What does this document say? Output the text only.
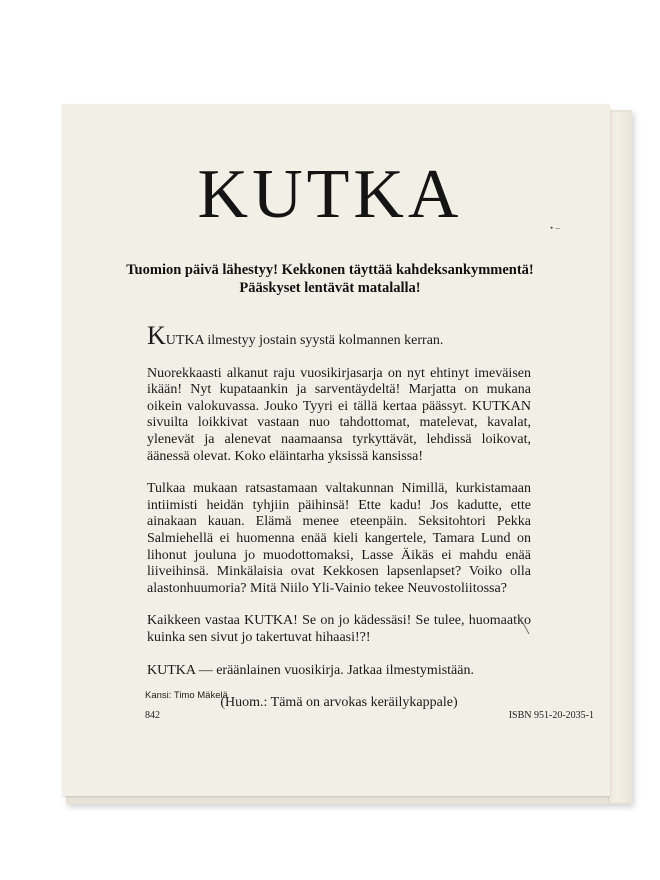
KUTKA	• –
Tuomion päivä lähestyy! Kekkonen täyttää kahdeksankymmentä!
Pääskyset lentävät matalalla!

KUTKA ilmestyy jostain syystä kolmannen kerran.

Nuorekkaasti alkanut raju vuosikirjasarja on nyt ehtinyt imeväisen ikään! Nyt kupataankin ja sarventäydeltä! Marjatta on mukana oikein valokuvassa. Jouko Tyyri ei tällä kertaa päässyt. KUTKAN sivuilta loikkivat vastaan nuo tahdottomat, matelevat, kavalat, ylenevät ja alenevat naamaansa tyrkyttävät, lehdissä loikovat, äänessä olevat. Koko eläintarha yksissä kansissa!

Tulkaa mukaan ratsastamaan valtakunnan Nimillä, kurkistamaan intiimisti heidän tyhjiin päihinsä! Ette kadu! Jos kadutte, ette ainakaan kauan. Elämä menee eteenpäin. Seksitohtori Pekka Salmiehellä ei huomenna enää kieli kangertele, Tamara Lund on lihonut jouluna jo muodottomaksi, Lasse Äikäs ei mahdu enää liiveihinsä. Minkälaisia ovat Kekkosen lapsenlapset? Voiko olla alastonhuumoria? Mitä Niilo Yli-Vainio tekee Neuvostoliitossa?

Kaikkeen vastaa KUTKA! Se on jo kädessäsi! Se tulee, huomaatko kuinka sen sivut jo takertuvat hihaasi!?!

KUTKA — eräänlainen vuosikirja. Jatkaa ilmestymistään.

(Huom.: Tämä on arvokas keräilykappale)

Kansi: Timo Mäkelä
842	ISBN 951-20-2035-1
